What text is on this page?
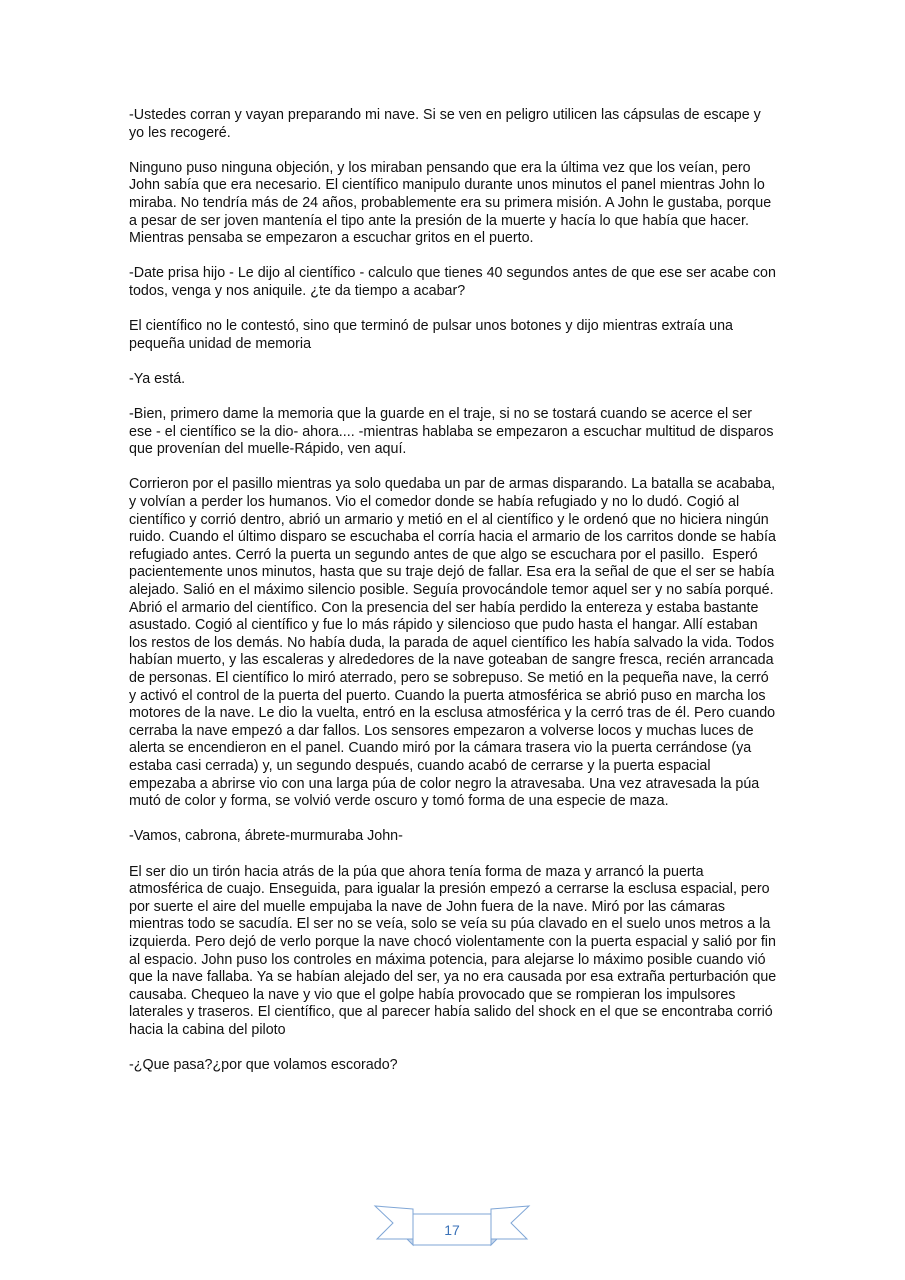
-Ustedes corran y vayan preparando mi nave. Si se ven en peligro utilicen las cápsulas de escape y yo les recogeré.

Ninguno puso ninguna objeción, y los miraban pensando que era la última vez que los veían, pero John sabía que era necesario. El científico manipulo durante unos minutos el panel mientras John lo miraba. No tendría más de 24 años, probablemente era su primera misión. A John le gustaba, porque a pesar de ser joven mantenía el tipo ante la presión de la muerte y hacía lo que había que hacer.  Mientras pensaba se empezaron a escuchar gritos en el puerto.

-Date prisa hijo - Le dijo al científico - calculo que tienes 40 segundos antes de que ese ser acabe con todos, venga y nos aniquile. ¿te da tiempo a acabar?

El científico no le contestó, sino que terminó de pulsar unos botones y dijo mientras extraía una pequeña unidad de memoria

-Ya está.

-Bien, primero dame la memoria que la guarde en el traje, si no se tostará cuando se acerce el ser ese - el científico se la dio- ahora.... -mientras hablaba se empezaron a escuchar multitud de disparos que provenían del muelle-Rápido, ven aquí.

Corrieron por el pasillo mientras ya solo quedaba un par de armas disparando. La batalla se acababa, y volvían a perder los humanos. Vio el comedor donde se había refugiado y no lo dudó. Cogió al científico y corrió dentro, abrió un armario y metió en el al científico y le ordenó que no hiciera ningún ruido. Cuando el último disparo se escuchaba el corría hacia el armario de los carritos donde se había refugiado antes. Cerró la puerta un segundo antes de que algo se escuchara por el pasillo.  Esperó pacientemente unos minutos, hasta que su traje dejó de fallar. Esa era la señal de que el ser se había alejado. Salió en el máximo silencio posible. Seguía provocándole temor aquel ser y no sabía porqué. Abrió el armario del científico. Con la presencia del ser había perdido la entereza y estaba bastante asustado. Cogió al científico y fue lo más rápido y silencioso que pudo hasta el hangar. Allí estaban los restos de los demás. No había duda, la parada de aquel científico les había salvado la vida. Todos habían muerto, y las escaleras y alrededores de la nave goteaban de sangre fresca, recién arrancada de personas. El científico lo miró aterrado, pero se sobrepuso. Se metió en la pequeña nave, la cerró y activó el control de la puerta del puerto. Cuando la puerta atmosférica se abrió puso en marcha los motores de la nave. Le dio la vuelta, entró en la esclusa atmosférica y la cerró tras de él. Pero cuando cerraba la nave empezó a dar fallos. Los sensores empezaron a volverse locos y muchas luces de alerta se encendieron en el panel. Cuando miró por la cámara trasera vio la puerta cerrándose (ya estaba casi cerrada) y, un segundo después, cuando acabó de cerrarse y la puerta espacial empezaba a abrirse vio con una larga púa de color negro la atravesaba. Una vez atravesada la púa mutó de color y forma, se volvió verde oscuro y tomó forma de una especie de maza.

-Vamos, cabrona, ábrete-murmuraba John-

El ser dio un tirón hacia atrás de la púa que ahora tenía forma de maza y arrancó la puerta atmosférica de cuajo. Enseguida, para igualar la presión empezó a cerrarse la esclusa espacial, pero por suerte el aire del muelle empujaba la nave de John fuera de la nave. Miró por las cámaras mientras todo se sacudía. El ser no se veía, solo se veía su púa clavado en el suelo unos metros a la izquierda. Pero dejó de verlo porque la nave chocó violentamente con la puerta espacial y salió por fin al espacio. John puso los controles en máxima potencia, para alejarse lo máximo posible cuando vió que la nave fallaba. Ya se habían alejado del ser, ya no era causada por esa extraña perturbación que causaba. Chequeo la nave y vio que el golpe había provocado que se rompieran los impulsores laterales y traseros. El científico, que al parecer había salido del shock en el que se encontraba corrió hacia la cabina del piloto

-¿Que pasa?¿por que volamos escorado?

17
